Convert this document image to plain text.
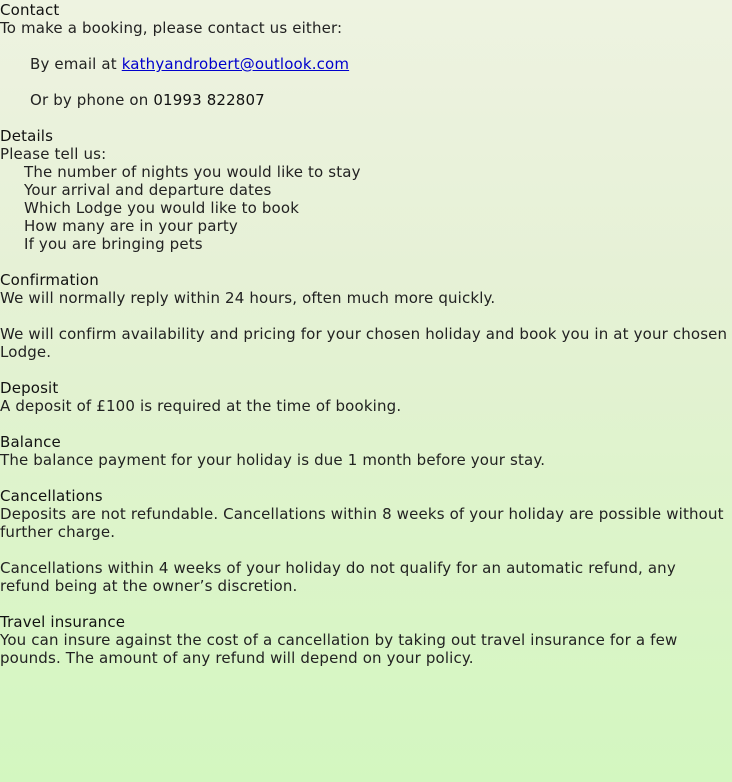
Contact

To make a booking, please contact us either:

By email at kathyandrobert@outlook.com

Or by phone on 01993 822807

Details

Please tell us:

The number of nights you would like to stay
Your arrival and departure dates
Which Lodge you would like to book
How many are in your party
If you are bringing pets

Confirmation

We will normally reply within 24 hours, often much more quickly.

We will confirm availability and pricing for your chosen holiday and book you in at your chosen Lodge.

Deposit

A deposit of £100 is required at the time of booking.

Balance

The balance payment for your holiday is due 1 month before your stay.

Cancellations

Deposits are not refundable. Cancellations within 8 weeks of your holiday are possible without further charge.

Cancellations within 4 weeks of your holiday do not qualify for an automatic refund, any refund being at the owner’s discretion.

Travel insurance

You can insure against the cost of a cancellation by taking out travel insurance for a few pounds. The amount of any refund will depend on your policy.
